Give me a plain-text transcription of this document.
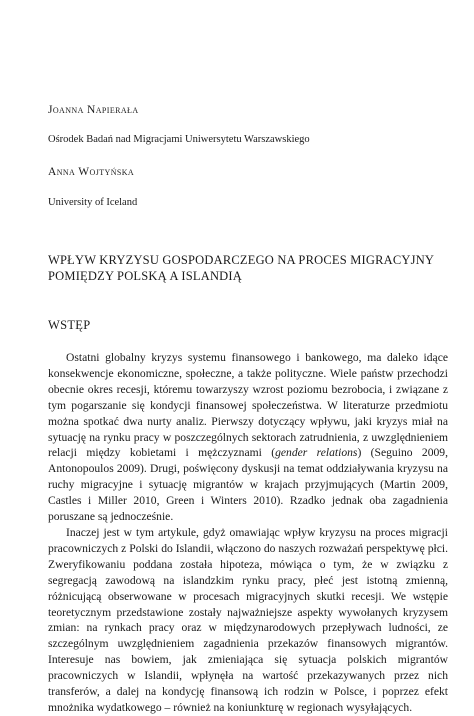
Joanna Napierała
Ośrodek Badań nad Migracjami Uniwersytetu Warszawskiego
Anna Wojtyńska
University of Iceland
WPŁYW KRYZYSU GOSPODARCZEGO NA PROCES MIGRACYJNY POMIĘDZY POLSKĄ A ISLANDIĄ
WSTĘP

Ostatni globalny kryzys systemu finansowego i bankowego, ma daleko idące konsekwencje ekonomiczne, społeczne, a także polityczne. Wiele państw przechodzi obecnie okres recesji, któremu towarzyszy wzrost poziomu bezrobocia, i związane z tym pogarszanie się kondycji finansowej społeczeństwa. W literaturze przedmiotu można spotkać dwa nurty analiz. Pierwszy dotyczący wpływu, jaki kryzys miał na sytuację na rynku pracy w poszczególnych sektorach zatrudnienia, z uwzględnieniem relacji między kobietami i mężczyznami (gender relations) (Seguino 2009, Antonopoulos 2009). Drugi, poświęcony dyskusji na temat oddziaływania kryzysu na ruchy migracyjne i sytuację migrantów w krajach przyjmujących (Martin 2009, Castles i Miller 2010, Green i Winters 2010). Rzadko jednak oba zagadnienia poruszane są jednocześnie.

Inaczej jest w tym artykule, gdyż omawiając wpływ kryzysu na proces migracji pracowniczych z Polski do Islandii, włączono do naszych rozważań perspektywę płci. Zweryfikowaniu poddana została hipoteza, mówiąca o tym, że w związku z segregacją zawodową na islandzkim rynku pracy, płeć jest istotną zmienną, różnicującą obserwowane w procesach migracyjnych skutki recesji. We wstępie teoretycznym przedstawione zostały najważniejsze aspekty wywołanych kryzysem zmian: na rynkach pracy oraz w międzynarodowych przepływach ludności, ze szczególnym uwzględnieniem zagadnienia przekazów finansowych migrantów. Interesuje nas bowiem, jak zmieniająca się sytuacja polskich migrantów pracowniczych w Islandii, wpłynęła na wartość przekazywanych przez nich transferów, a dalej na kondycję finansową ich rodzin w Polsce, i poprzez efekt mnożnika wydatkowego – również na koniunkturę w regionach wysyłających.
